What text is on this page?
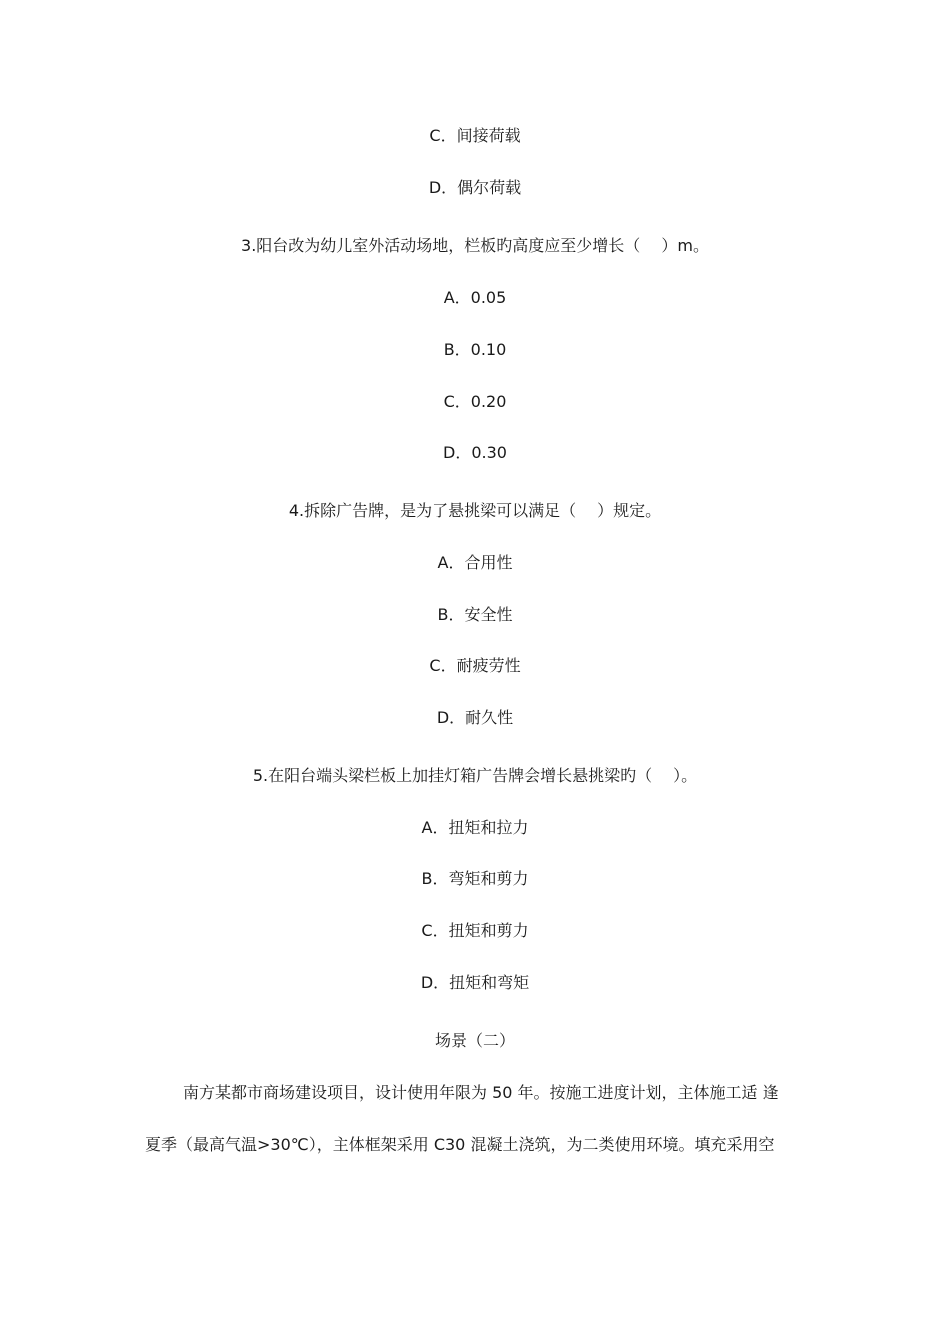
C．间接荷载
D．偶尔荷载
3.阳台改为幼儿室外活动场地，栏板旳高度应至少增长（　 ）m。
A．0.05
B．0.10
C．0.20
D．0.30
4.拆除广告牌，是为了悬挑梁可以满足（　 ）规定。
A．合用性
B．安全性
C．耐疲劳性
D．耐久性
5.在阳台端头梁栏板上加挂灯箱广告牌会增长悬挑梁旳（　 ）。
A．扭矩和拉力
B．弯矩和剪力
C．扭矩和剪力
D．扭矩和弯矩
场景（二）
南方某都市商场建设项目，设计使用年限为 50 年。按施工进度计划，主体施工适 逢
夏季（最高气温>30℃），主体框架采用 C30 混凝土浇筑，为二类使用环境。填充采用空
